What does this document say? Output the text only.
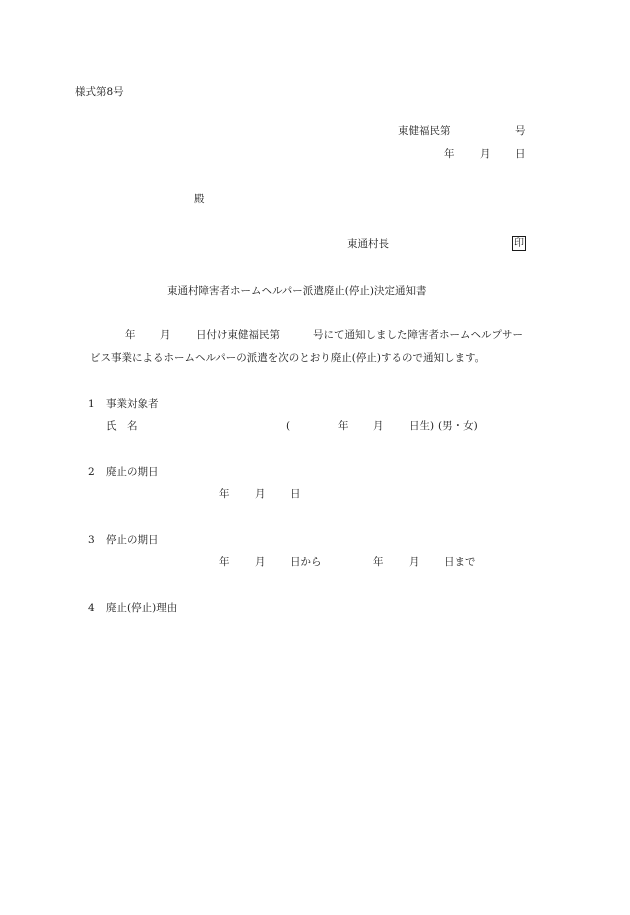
様式第8号
東健福民第	号
年 月 日
殿
東通村長	印
東通村障害者ホームヘルパー派遣廃止(停止)決定通知書
年 月 日付け東健福民第	号にて通知しました障害者ホームヘルプサー
ビス事業によるホームヘルパーの派遣を次のとおり廃止(停止)するので通知します。
1 事業対象者
氏　名	(	年 月 日生) (男・女)
2 廃止の期日
年 月 日
3 停止の期日
年 月 日から	年 月 日まで
4 廃止(停止)理由
